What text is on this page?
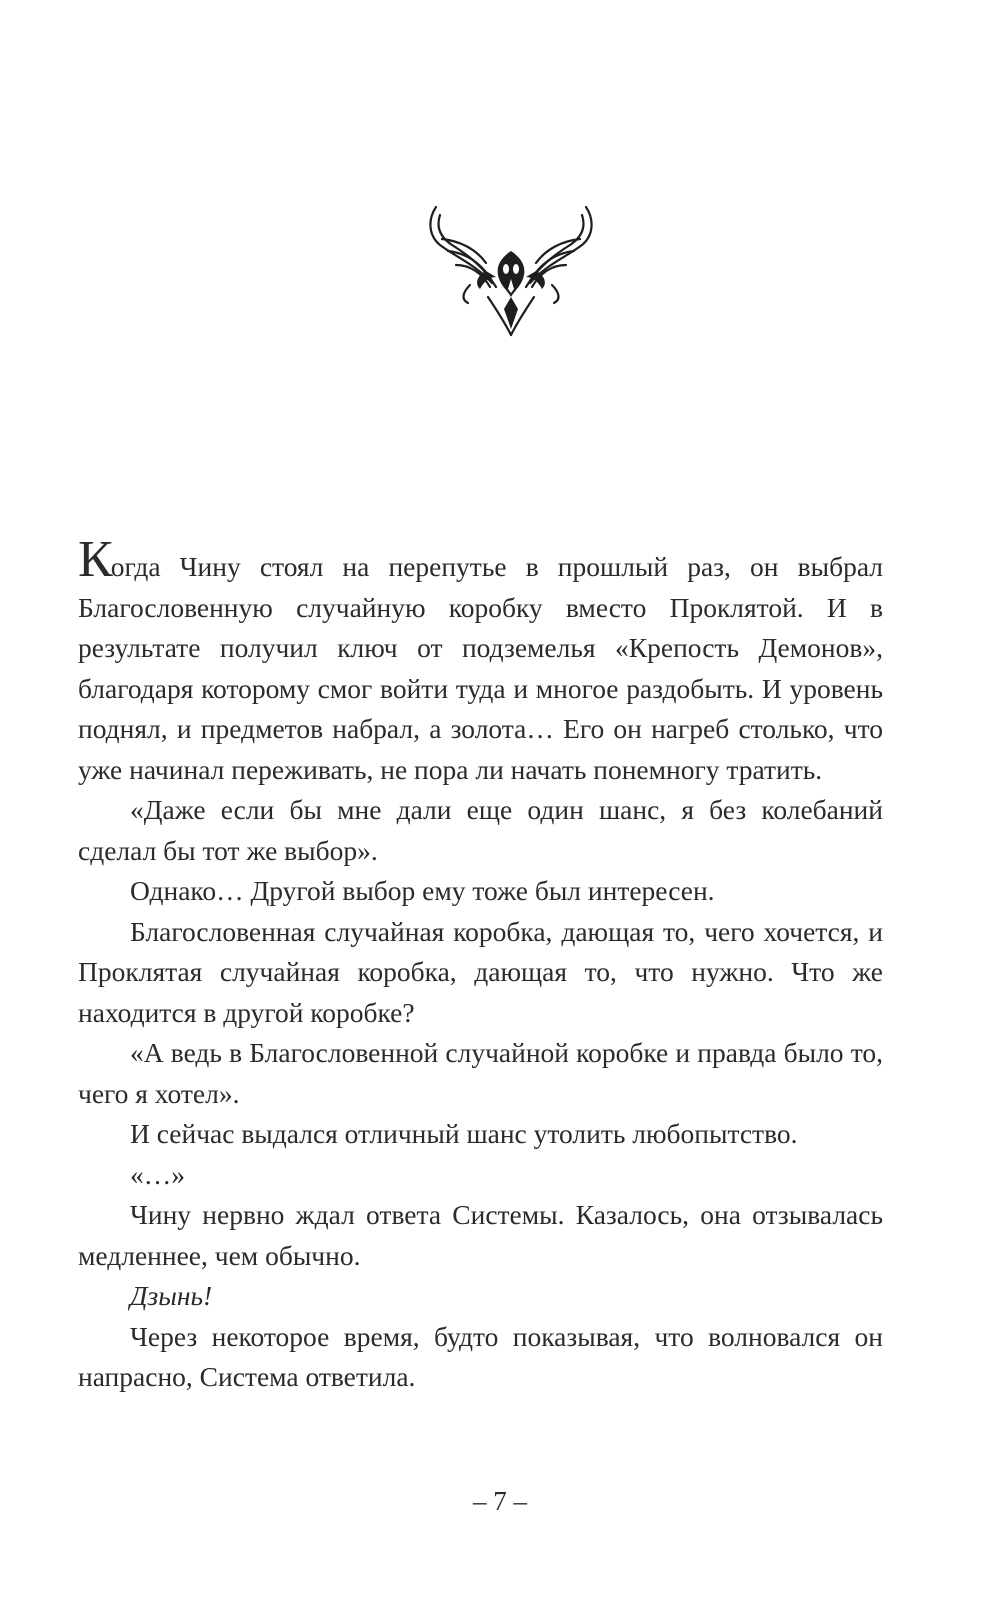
Когда Чину стоял на перепутье в прошлый раз, он выбрал Благословенную случайную коробку вместо Проклятой. И в результате получил ключ от подземелья «Крепость Демонов», благодаря которому смог войти туда и многое раздобыть. И уровень поднял, и предметов набрал, а золота… Его он нагреб столько, что уже начинал переживать, не пора ли начать понемногу тратить.

«Даже если бы мне дали еще один шанс, я без колебаний сделал бы тот же выбор».

Однако… Другой выбор ему тоже был интересен.

Благословенная случайная коробка, дающая то, чего хочется, и Проклятая случайная коробка, дающая то, что нужно. Что же находится в другой коробке?

«А ведь в Благословенной случайной коробке и правда было то, чего я хотел».

И сейчас выдался отличный шанс утолить любопытство.

«…»

Чину нервно ждал ответа Системы. Казалось, она отзывалась медленнее, чем обычно.

Дзынь!

Через некоторое время, будто показывая, что волновался он напрасно, Система ответила.

– 7 –
